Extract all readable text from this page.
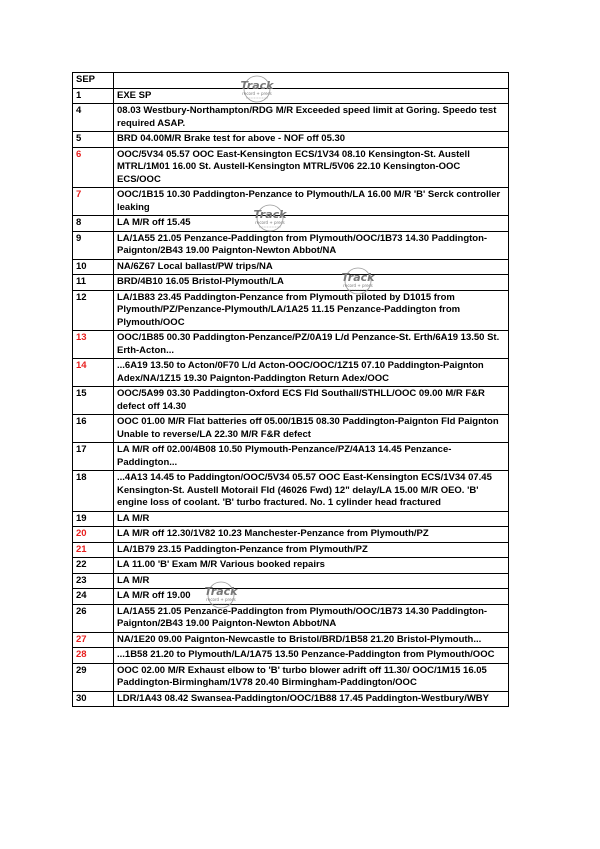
SEP	
1	EXE SP
4	08.03 Westbury-Northampton/RDG M/R Exceeded speed limit at Goring. Speedo test required ASAP.
5	BRD 04.00M/R Brake test for above - NOF off 05.30
6	OOC/5V34 05.57 OOC East-Kensington ECS/1V34 08.10 Kensington-St. Austell MTRL/1M01 16.00 St. Austell-Kensington MTRL/5V06 22.10 Kensington-OOC ECS/OOC
7	OOC/1B15 10.30 Paddington-Penzance to Plymouth/LA 16.00 M/R 'B' Serck controller leaking
8	LA M/R off 15.45
9	LA/1A55 21.05 Penzance-Paddington from Plymouth/OOC/1B73 14.30 Paddington-Paignton/2B43 19.00 Paignton-Newton Abbot/NA
10	NA/6Z67 Local ballast/PW trips/NA
11	BRD/4B10 16.05 Bristol-Plymouth/LA
12	LA/1B83 23.45 Paddington-Penzance from Plymouth piloted by D1015 from Plymouth/PZ/Penzance-Plymouth/LA/1A25 11.15 Penzance-Paddington from Plymouth/OOC
13	OOC/1B85 00.30 Paddington-Penzance/PZ/0A19 L/d Penzance-St. Erth/6A19 13.50 St. Erth-Acton...
14	...6A19 13.50 to Acton/0F70 L/d Acton-OOC/OOC/1Z15 07.10 Paddington-Paignton Adex/NA/1Z15 19.30 Paignton-Paddington Return Adex/OOC
15	OOC/5A99 03.30 Paddington-Oxford ECS Fld Southall/STHLL/OOC 09.00 M/R F&R defect off 14.30
16	OOC 01.00 M/R Flat batteries off 05.00/1B15 08.30 Paddington-Paignton Fld Paignton Unable to reverse/LA 22.30 M/R F&R defect
17	LA M/R off 02.00/4B08 10.50 Plymouth-Penzance/PZ/4A13 14.45 Penzance-Paddington...
18	...4A13 14.45 to Paddington/OOC/5V34 05.57 OOC East-Kensington ECS/1V34 07.45 Kensington-St. Austell Motorail Fld (46026 Fwd) 12" delay/LA 15.00 M/R OEO. 'B' engine loss of coolant. 'B' turbo fractured. No. 1 cylinder head fractured
19	LA M/R
20	LA M/R off 12.30/1V82 10.23 Manchester-Penzance from Plymouth/PZ
21	LA/1B79 23.15 Paddington-Penzance from Plymouth/PZ
22	LA 11.00 'B' Exam M/R Various booked repairs
23	LA M/R
24	LA M/R off 19.00
26	LA/1A55 21.05 Penzance-Paddington from Plymouth/OOC/1B73 14.30 Paddington-Paignton/2B43 19.00 Paignton-Newton Abbot/NA
27	NA/1E20 09.00 Paignton-Newcastle to Bristol/BRD/1B58 21.20 Bristol-Plymouth...
28	...1B58 21.20 to Plymouth/LA/1A75 13.50 Penzance-Paddington from Plymouth/OOC
29	OOC 02.00 M/R Exhaust elbow to 'B' turbo blower adrift off 11.30/ OOC/1M15 16.05 Paddington-Birmingham/1V78 20.40 Birmingham-Paddington/OOC
30	LDR/1A43 08.42 Swansea-Paddington/OOC/1B88 17.45 Paddington-Westbury/WBY
Track
record + press
Track
record + press
Track
record + press
Track
record + press
